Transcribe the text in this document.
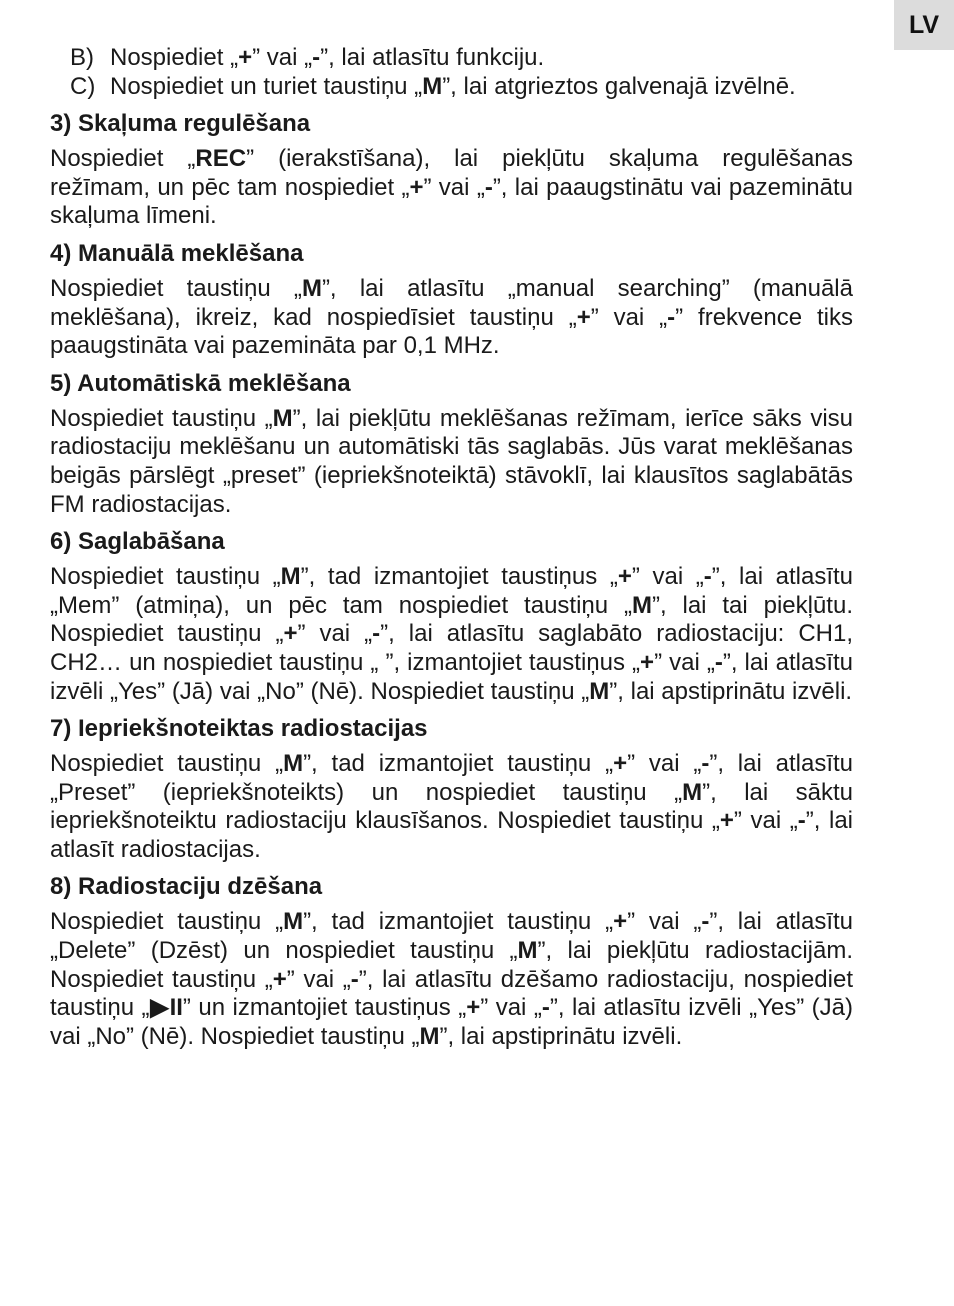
LV
B) Nospiediet „+” vai „-”, lai atlasītu funkciju.
C) Nospiediet un turiet taustiņu „M”, lai atgrieztos galvenajā izvēlnē.
3) Skaļuma regulēšana

Nospiediet „REC” (ierakstīšana), lai piekļūtu skaļuma regulēšanas režīmam, un pēc tam nospiediet „+” vai „-”, lai paaugstinātu vai pazeminātu skaļuma līmeni.

4) Manuālā meklēšana

Nospiediet taustiņu „M”, lai atlasītu „manual searching” (manuālā meklēšana), ikreiz, kad nospiedīsiet taustiņu „+” vai „-” frekvence tiks paaugstināta vai pazemināta par 0,1 MHz.

5) Automātiskā meklēšana

Nospiediet taustiņu „M”, lai piekļūtu meklēšanas režīmam, ierīce sāks visu radiostaciju meklēšanu un automātiski tās saglabās. Jūs varat meklēšanas beigās pārslēgt „preset” (iepriekšnoteiktā) stāvoklī, lai klausītos saglabātās FM radiostacijas.

6) Saglabāšana

Nospiediet taustiņu „M”, tad izmantojiet taustiņus „+” vai „-”, lai atlasītu „Mem” (atmiņa), un pēc tam nospiediet taustiņu „M”, lai tai piekļūtu. Nospiediet taustiņu „+” vai „-”, lai atlasītu saglabāto radiostaciju: CH1, CH2… un nospiediet taustiņu „ ”, izmantojiet taustiņus „+” vai „-”, lai atlasītu izvēli „Yes” (Jā) vai „No” (Nē). Nospiediet taustiņu „M”, lai apstiprinātu izvēli.

7) Iepriekšnoteiktas radiostacijas

Nospiediet taustiņu „M”, tad izmantojiet taustiņu „+” vai „-”, lai atlasītu „Preset” (iepriekšnoteikts) un nospiediet taustiņu „M”, lai sāktu iepriekšnoteiktu radiostaciju klausīšanos. Nospiediet taustiņu „+” vai „-”, lai atlasīt radiostacijas.

8) Radiostaciju dzēšana

Nospiediet taustiņu „M”, tad izmantojiet taustiņu „+” vai „-”, lai atlasītu „Delete” (Dzēst) un nospiediet taustiņu „M”, lai piekļūtu radiostacijām. Nospiediet taustiņu „+” vai „-”, lai atlasītu dzēšamo radiostaciju, nospiediet taustiņu „▶II” un izmantojiet taustiņus „+” vai „-”, lai atlasītu izvēli „Yes” (Jā) vai „No” (Nē). Nospiediet taustiņu „M”, lai apstiprinātu izvēli.
